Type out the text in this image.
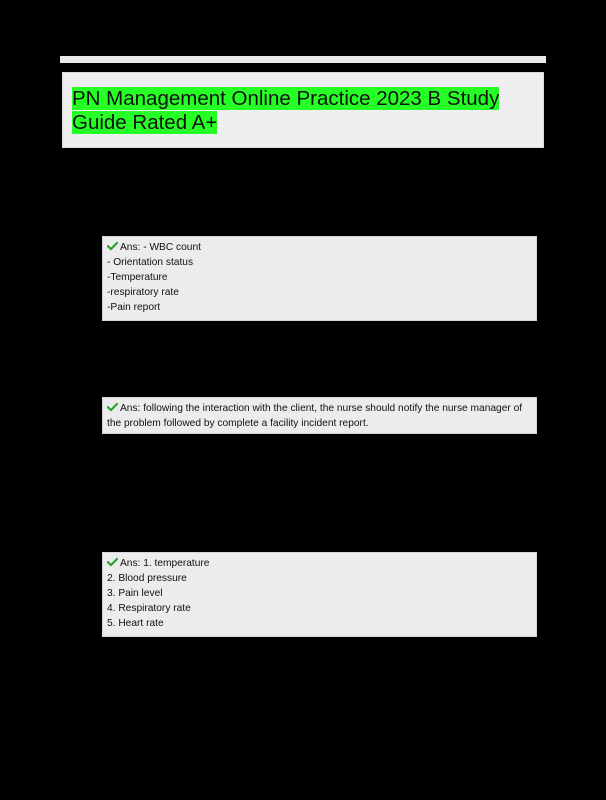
PN Management Online Practice 2023 B Study Guide Rated A+
Ans: - WBC count
- Orientation status
-Temperature
-respiratory rate
-Pain report
Ans: following the interaction with the client, the nurse should notify the nurse manager of the problem followed by complete a facility incident report.
Ans: 1. temperature
2. Blood pressure
3. Pain level
4. Respiratory rate
5. Heart rate
